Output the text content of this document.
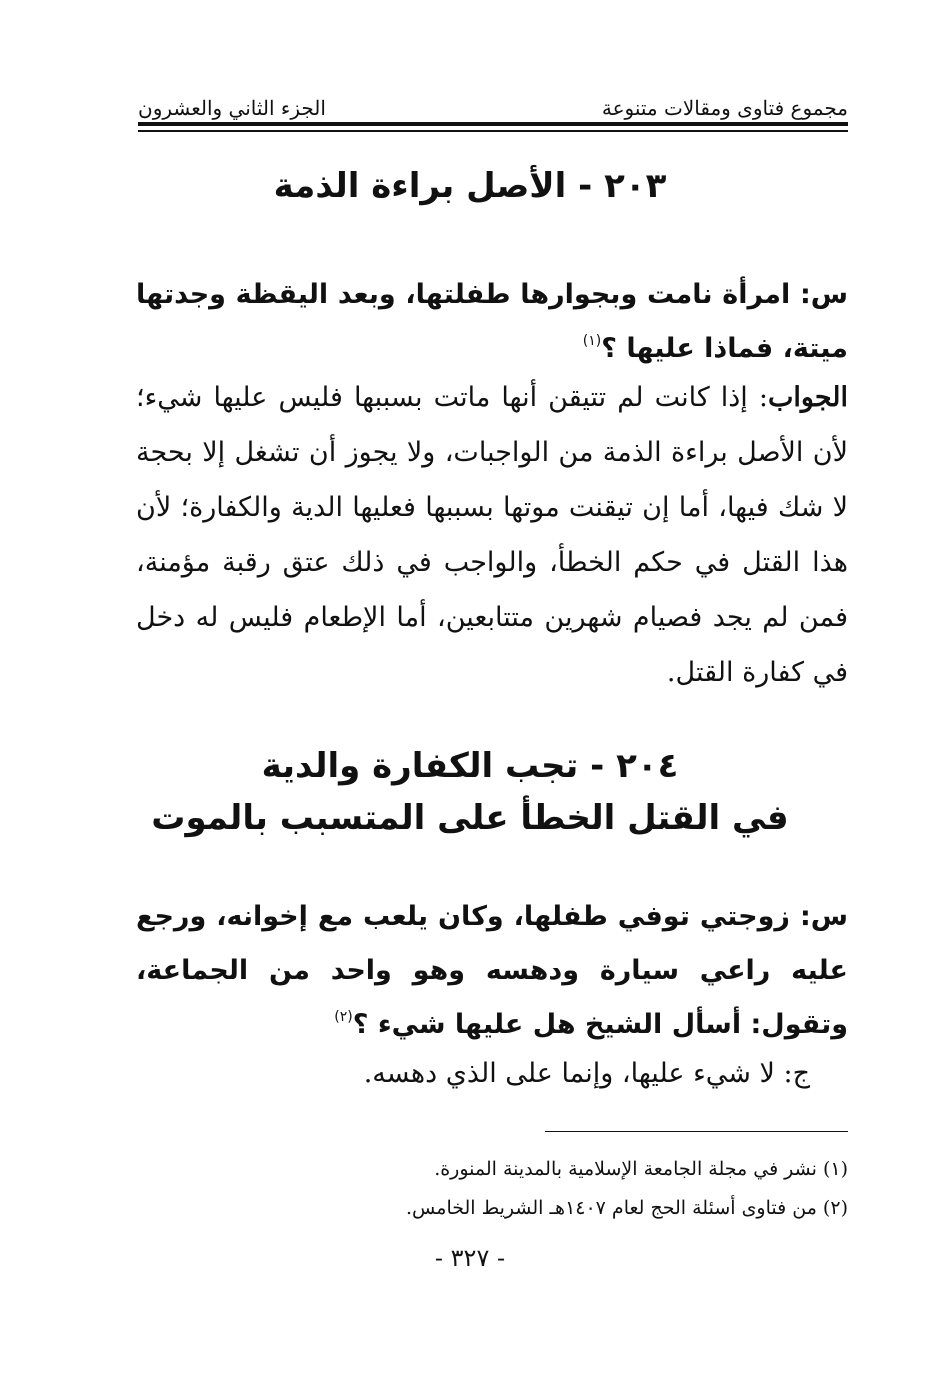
مجموع فتاوى ومقالات متنوعة
الجزء الثاني والعشرون
٢٠٣ - الأصل براءة الذمة
س: امرأة نامت وبجوارها طفلتها، وبعد اليقظة وجدتها ميتة، فماذا عليها ؟$^{(١)}$
الجواب: إذا كانت لم تتيقن أنها ماتت بسببها فليس عليها شيء؛ لأن الأصل براءة الذمة من الواجبات، ولا يجوز أن تشغل إلا بحجة لا شك فيها، أما إن تيقنت موتها بسببها فعليها الدية والكفارة؛ لأن هذا القتل في حكم الخطأ، والواجب في ذلك عتق رقبة مؤمنة، فمن لم يجد فصيام شهرين متتابعين، أما الإطعام فليس له دخل في كفارة القتل.
٢٠٤ - تجب الكفارة والدية
في القتل الخطأ على المتسبب بالموت
س: زوجتي توفي طفلها، وكان يلعب مع إخوانه، ورجع عليه راعي سيارة ودهسه وهو واحد من الجماعة، وتقول: أسأل الشيخ هل عليها شيء ؟$^{(٢)}$
ج: لا شيء عليها، وإنما على الذي دهسه.
(١) نشر في مجلة الجامعة الإسلامية بالمدينة المنورة.
(٢) من فتاوى أسئلة الحج لعام ١٤٠٧هـ الشريط الخامس.
- ٣٢٧ -
